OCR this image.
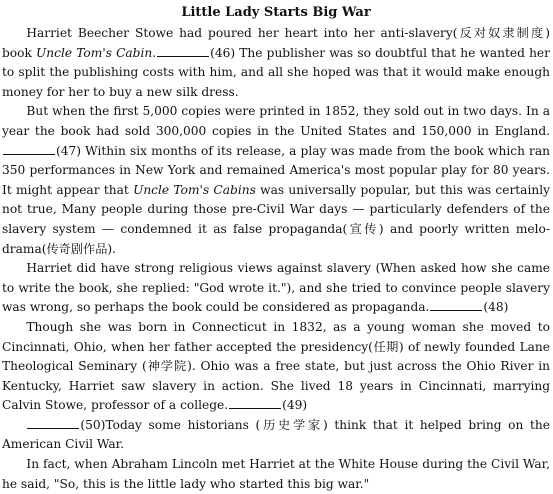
Little Lady Starts Big War

Harriet Beecher Stowe had poured her heart into her anti-slavery(反对奴隶制度) book Uncle Tom's Cabin.	(46) The publisher was so doubtful that he wanted her to split the publishing costs with him, and all she hoped was that it would make enough money for her to buy a new silk dress.

But when the first 5,000 copies were printed in 1852, they sold out in two days. In a year the book had sold 300,000 copies in the United States and 150,000 in England.(47) Within six months of its release, a play was made from the book which ran 350 performances in New York and remained America's most popular play for 80 years. It might appear that Uncle Tom's Cabins was universally popular, but this was certainly not true, Many people during those pre-Civil War days — particularly defenders of the slavery system — condemned it as false propaganda(宣传) and poorly written melo-drama(传奇剧作品).

Harriet did have strong religious views against slavery (When asked how she came to write the book, she replied: "God wrote it."), and she tried to convince people slavery was wrong, so perhaps the book could be considered as propaganda.	(48)

Though she was born in Connecticut in 1832, as a young woman she moved to Cincinnati, Ohio, when her father accepted the presidency(任期) of newly founded Lane Theological Seminary (神学院). Ohio was a free state, but just across the Ohio River in Kentucky, Harriet saw slavery in action. She lived 18 years in Cincinnati, marrying Calvin Stowe, professor of a college.	(49)

(50)Today some historians (历史学家) think that it helped bring on the American Civil War.

In fact, when Abraham Lincoln met Harriet at the White House during the Civil War, he said, "So, this is the little lady who started this big war."
